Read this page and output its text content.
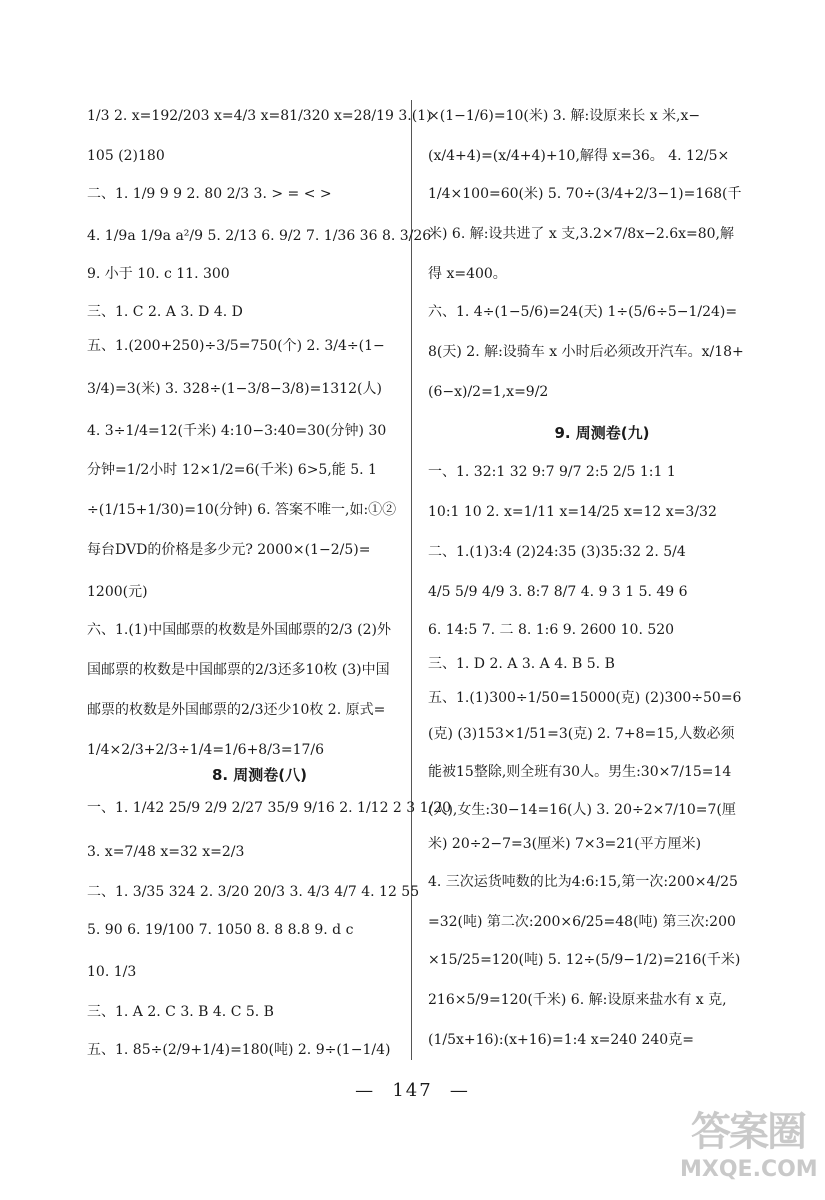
1/3 2. x=192/203 x=4/3 x=81/320 x=28/19 3.(1)
105 (2)180
二、1. 1/9 9 9 2. 80 2/3 3. > = < >
4. 1/9a 1/9a a²/9 5. 2/13 6. 9/2 7. 1/36 36 8. 3/26
9. 小于 10. c 11. 300
三、1. C 2. A 3. D 4. D
五、1.(200+250)÷3/5=750(个) 2. 3/4÷(1−
3/4)=3(米) 3. 328÷(1−3/8−3/8)=1312(人)
4. 3÷1/4=12(千米) 4:10−3:40=30(分钟) 30
分钟=1/2小时 12×1/2=6(千米) 6>5,能 5. 1
÷(1/15+1/30)=10(分钟) 6. 答案不唯一,如:①②
每台DVD的价格是多少元? 2000×(1−2/5)=
1200(元)
六、1.(1)中国邮票的枚数是外国邮票的2/3 (2)外
国邮票的枚数是中国邮票的2/3还多10枚 (3)中国
邮票的枚数是外国邮票的2/3还少10枚 2. 原式=
1/4×2/3+2/3÷1/4=1/6+8/3=17/6
8. 周测卷(八)
一、1. 1/42 25/9 2/9 2/27 35/9 9/16 2. 1/12 2 3 1/20
3. x=7/48 x=32 x=2/3
二、1. 3/35 324 2. 3/20 20/3 3. 4/3 4/7 4. 12 55
5. 90 6. 19/100 7. 1050 8. 8 8.8 9. d c
10. 1/3
三、1. A 2. C 3. B 4. C 5. B
五、1. 85÷(2/9+1/4)=180(吨) 2. 9÷(1−1/4)
×(1−1/6)=10(米) 3. 解:设原来长 x 米,x−
(x/4+4)=(x/4+4)+10,解得 x=36。 4. 12/5×
1/4×100=60(米) 5. 70÷(3/4+2/3−1)=168(千
米) 6. 解:设共进了 x 支,3.2×7/8x−2.6x=80,解
得 x=400。
六、1. 4÷(1−5/6)=24(天) 1÷(5/6÷5−1/24)=
8(天) 2. 解:设骑车 x 小时后必须改开汽车。x/18+
(6−x)/2=1,x=9/2
9. 周测卷(九)
一、1. 32:1 32 9:7 9/7 2:5 2/5 1:1 1
10:1 10 2. x=1/11 x=14/25 x=12 x=3/32
二、1.(1)3:4 (2)24:35 (3)35:32 2. 5/4
4/5 5/9 4/9 3. 8:7 8/7 4. 9 3 1 5. 49 6
6. 14:5 7. 二 8. 1:6 9. 2600 10. 520
三、1. D 2. A 3. A 4. B 5. B
五、1.(1)300÷1/50=15000(克) (2)300÷50=6
(克) (3)153×1/51=3(克) 2. 7+8=15,人数必须
能被15整除,则全班有30人。男生:30×7/15=14
(人),女生:30−14=16(人) 3. 20÷2×7/10=7(厘
米) 20÷2−7=3(厘米) 7×3=21(平方厘米)
4. 三次运货吨数的比为4:6:15,第一次:200×4/25
=32(吨) 第二次:200×6/25=48(吨) 第三次:200
×15/25=120(吨) 5. 12÷(5/9−1/2)=216(千米)
216×5/9=120(千米) 6. 解:设原来盐水有 x 克,
(1/5x+16):(x+16)=1:4 x=240 240克=
— 147 —
答案圈
MXQE.COM
